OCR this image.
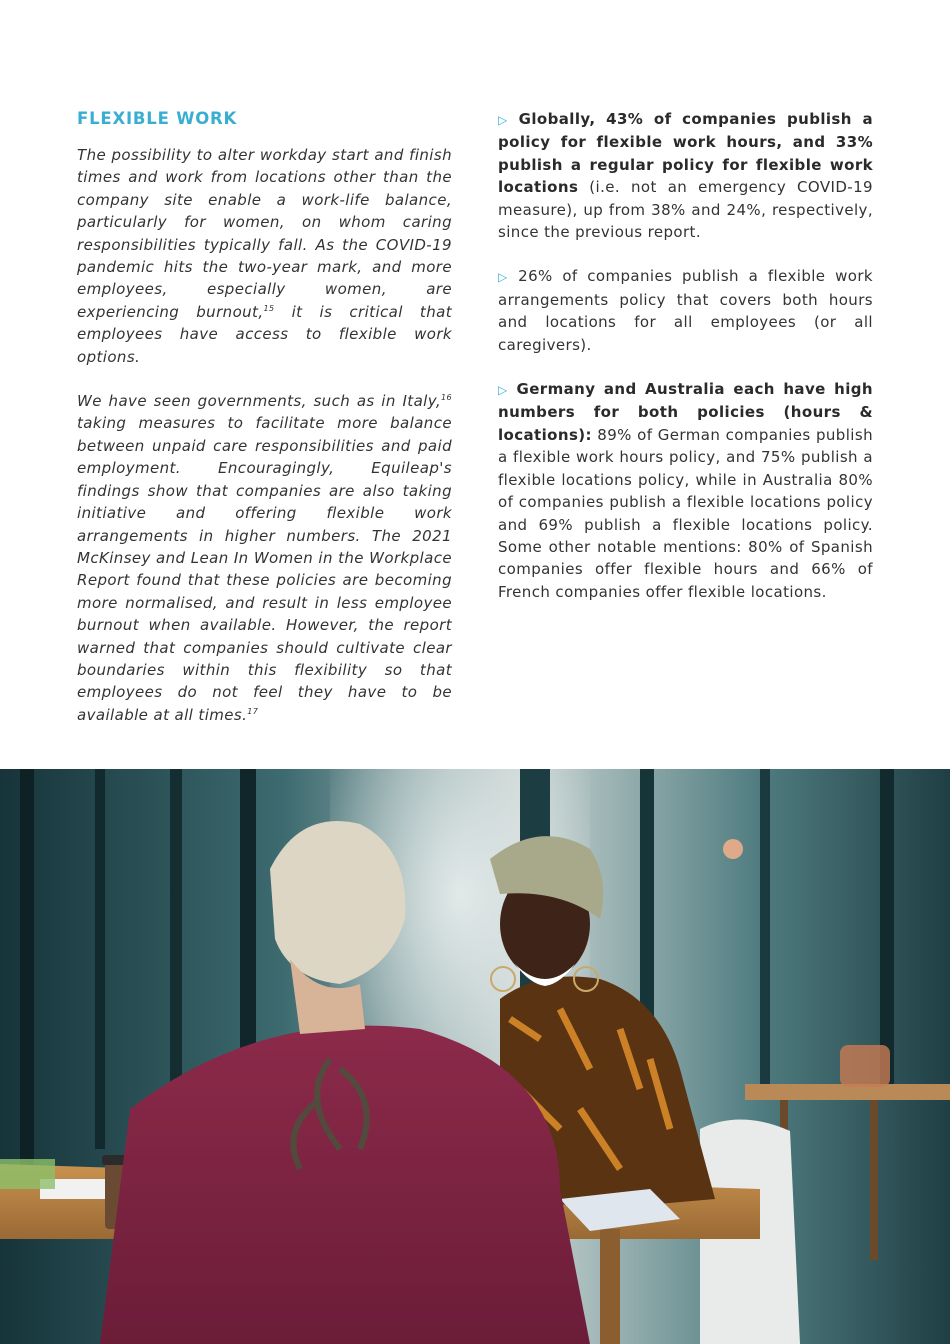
FLEXIBLE WORK

The possibility to alter workday start and finish times and work from locations other than the company site enable a work-life balance, particularly for women, on whom caring responsibilities typically fall. As the COVID-19 pandemic hits the two-year mark, and more employees, especially women, are experiencing burnout,$^{15}$ it is critical that employees have access to flexible work options.

We have seen governments, such as in Italy,$^{16}$ taking measures to facilitate more balance between unpaid care responsibilities and paid employment. Encouragingly, Equileap's findings show that companies are also taking initiative and offering flexible work arrangements in higher numbers. The 2021 McKinsey and Lean In Women in the Workplace Report found that these policies are becoming more normalised, and result in less employee burnout when available. However, the report warned that companies should cultivate clear boundaries within this flexibility so that employees do not feel they have to be available at all times.$^{17}$

▷ Globally, 43% of companies publish a policy for flexible work hours, and 33% publish a regular policy for flexible work locations (i.e. not an emergency COVID-19 measure), up from 38% and 24%, respectively, since the previous report.

▷ 26% of companies publish a flexible work arrangements policy that covers both hours and locations for all employees (or all caregivers).

▷ Germany and Australia each have high numbers for both policies (hours & locations): 89% of German companies publish a flexible work hours policy, and 75% publish a flexible locations policy, while in Australia 80% of companies publish a flexible locations policy and 69% publish a flexible locations policy. Some other notable mentions: 80% of Spanish companies offer flexible hours and 66% of French companies offer flexible locations.
